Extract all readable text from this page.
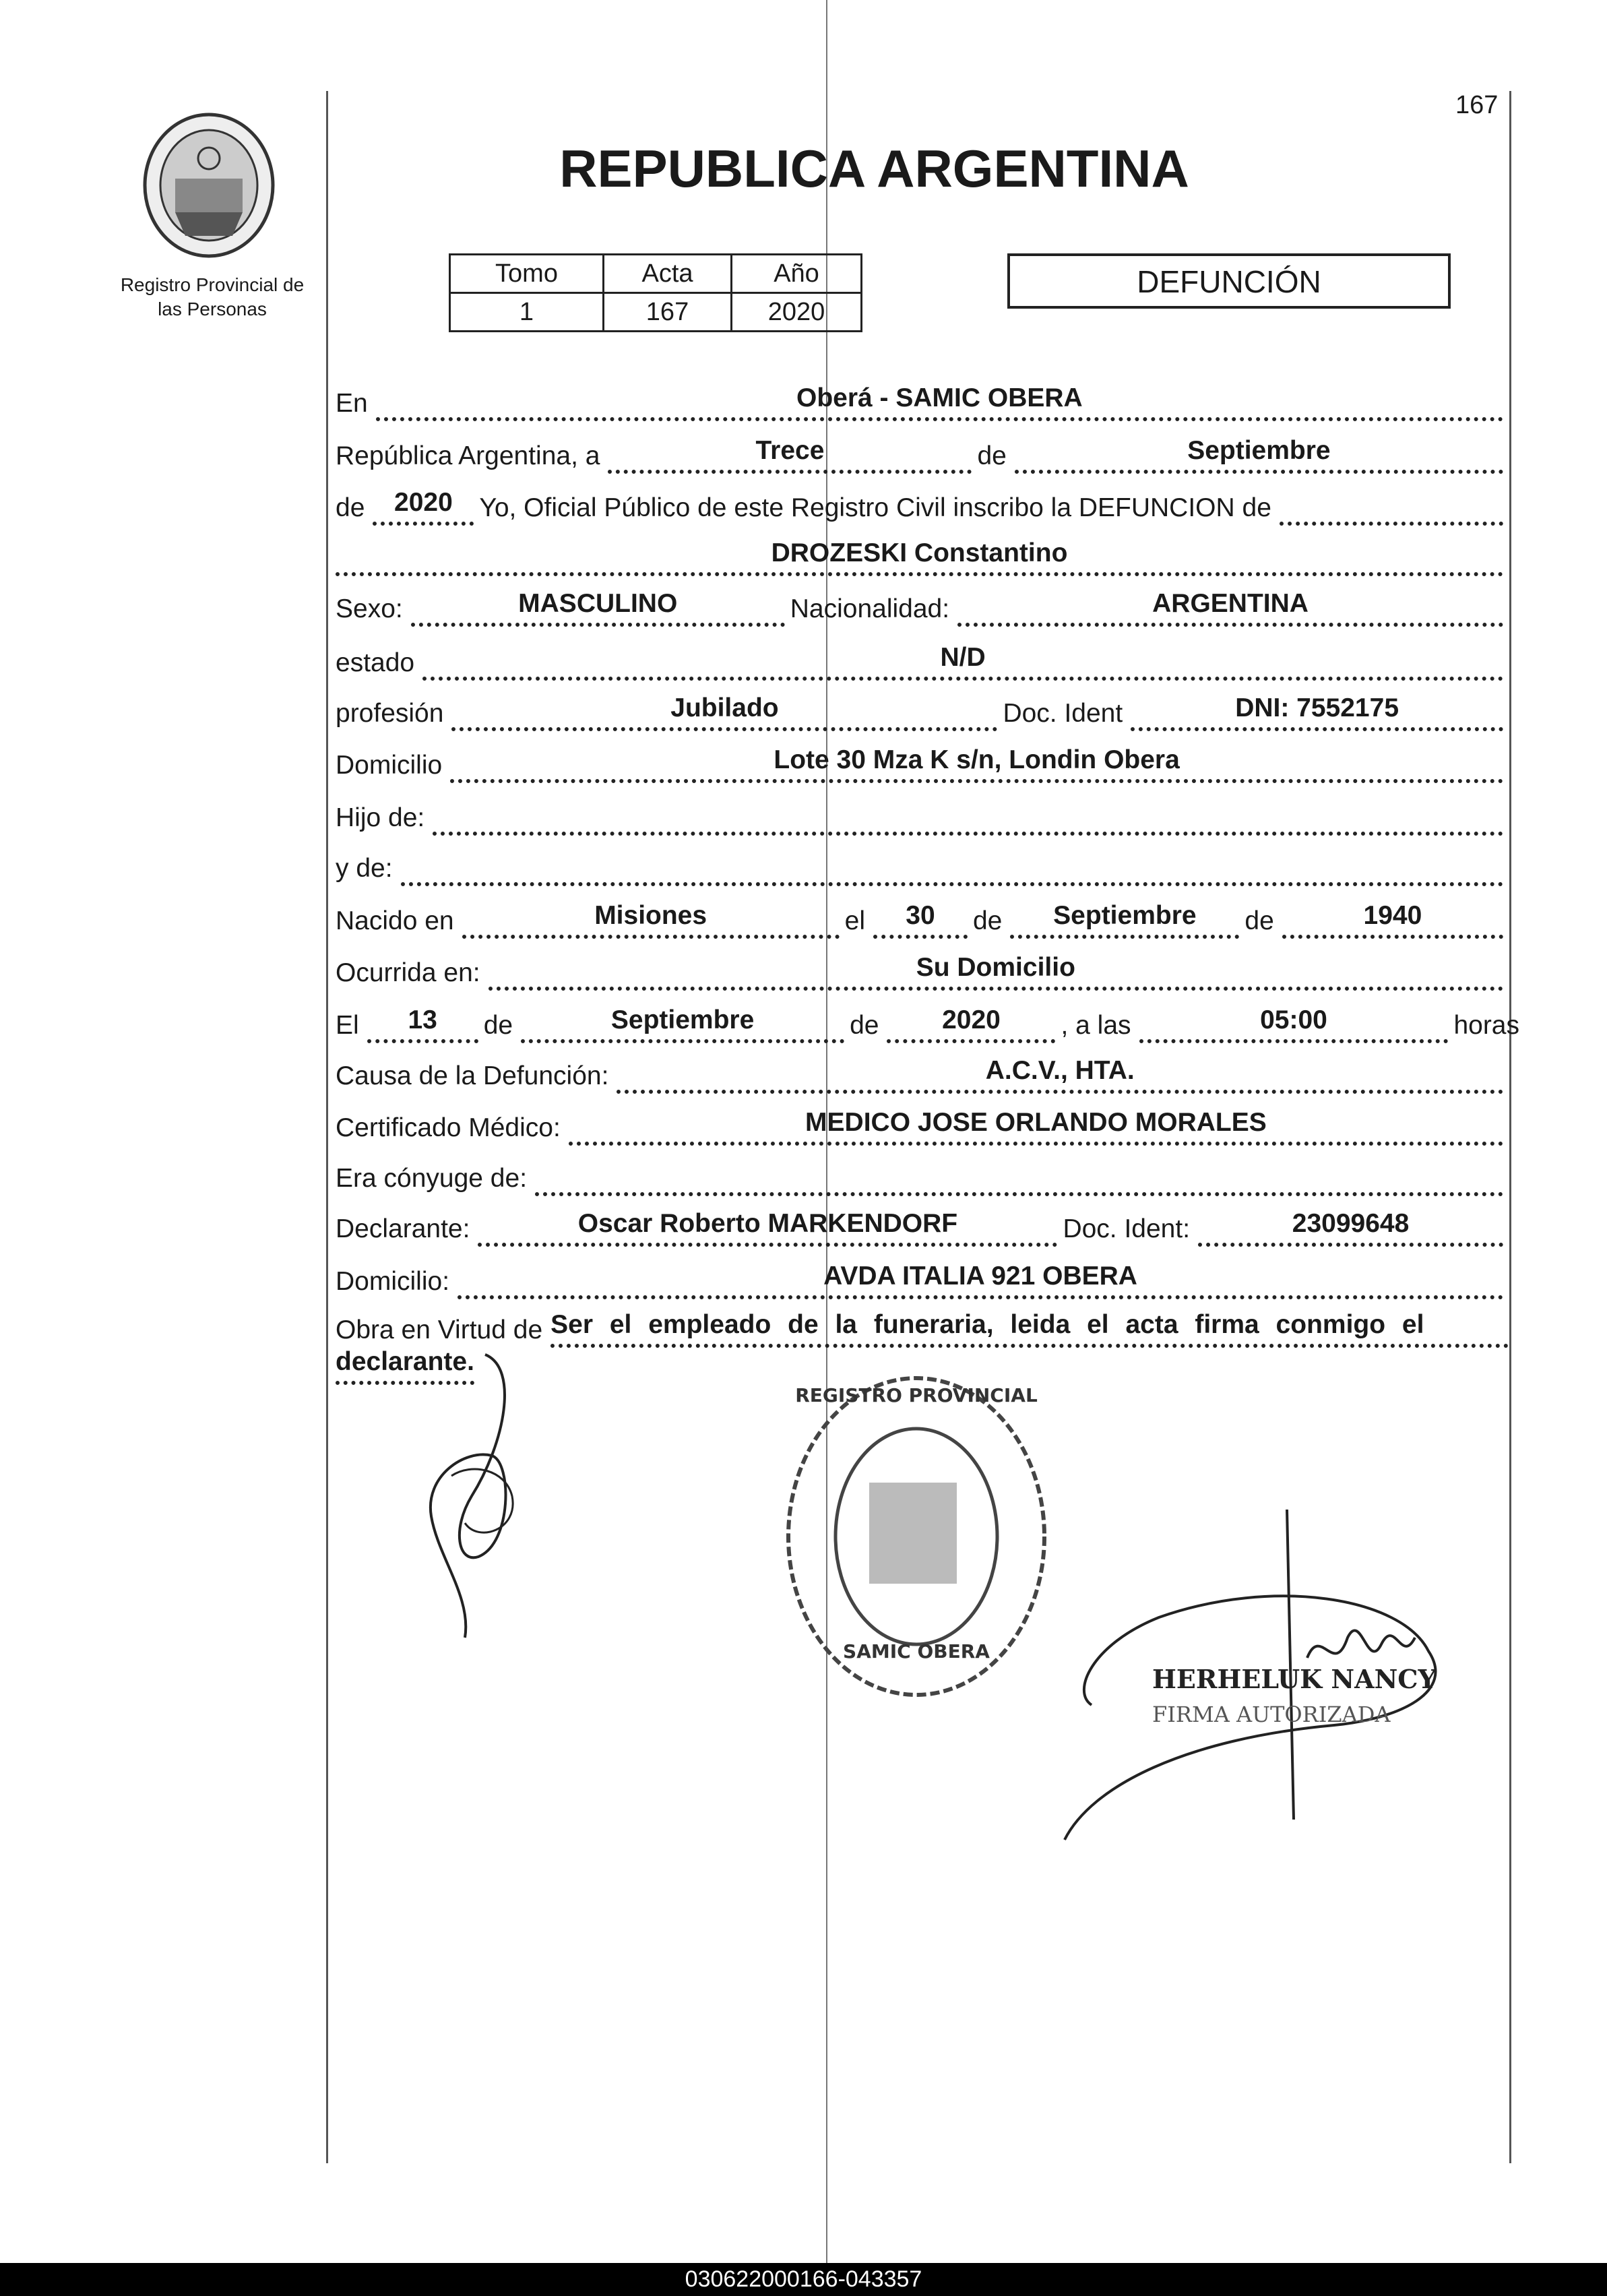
167
Registro Provincial de
las Personas
REPUBLICA ARGENTINA
Tomo	Acta	Año
1	167	2020
DEFUNCIÓN
En	Oberá - SAMIC OBERA
República Argentina, a	Trece	de	Septiembre
de	2020	Yo, Oficial Público de este Registro Civil inscribo la DEFUNCION de
DROZESKI Constantino
Sexo:	MASCULINO	Nacionalidad:	ARGENTINA
estado	N/D
profesión	Jubilado	Doc. Ident	DNI: 7552175
Domicilio	Lote 30 Mza K s/n, Londin Obera
Hijo de:
y de:
Nacido en	Misiones	el	30	de	Septiembre	de	1940
Ocurrida en:	Su Domicilio
El	13	de	Septiembre	de	2020	, a las	05:00	horas
Causa de la Defunción:	A.C.V., HTA.
Certificado Médico:	MEDICO JOSE ORLANDO MORALES
Era cónyuge de:
Declarante:	Oscar Roberto MARKENDORF	Doc. Ident:	23099648
Domicilio:	AVDA ITALIA 921 OBERA
Obra en Virtud de Ser el empleado de la funeraria, leida el acta firma conmigo el
declarante.
REGISTRO PROVINCIAL
SAMIC OBERA
HERHELUK NANCY
FIRMA AUTORIZADA
030622000166-043357
